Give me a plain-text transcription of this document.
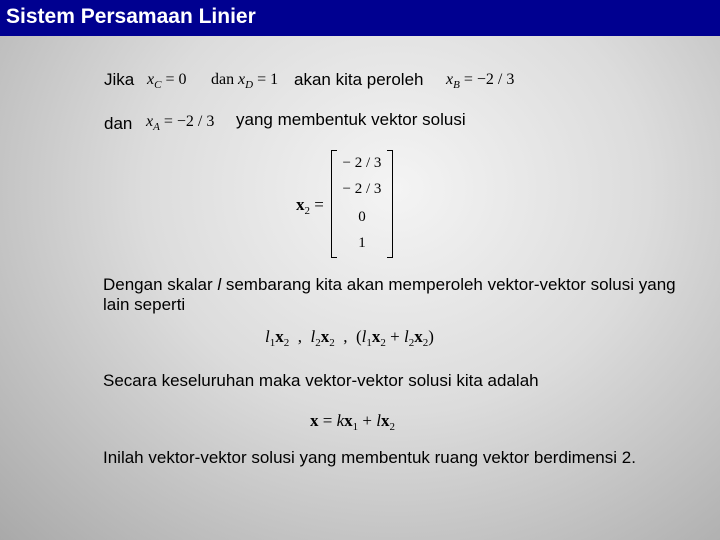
Sistem Persamaan Linier
Jika $x_C = 0$ dan $x_D = 1$ akan kita peroleh $x_B = -2 / 3$
dan $x_A = -2 / 3$ yang membentuk vektor solusi
$x_2$ =
− 2 / 3
− 2 / 3
0
1
Dengan skalar l sembarang kita akan memperoleh vektor-vektor solusi yang lain seperti
$l_1x_2$  ,  $l_2x_2$  ,  $(l_1x_2 + l_2x_2)$
Secara keseluruhan maka vektor-vektor solusi kita adalah
$x = kx_1 + lx_2$
Inilah vektor-vektor solusi yang membentuk ruang vektor berdimensi 2.
